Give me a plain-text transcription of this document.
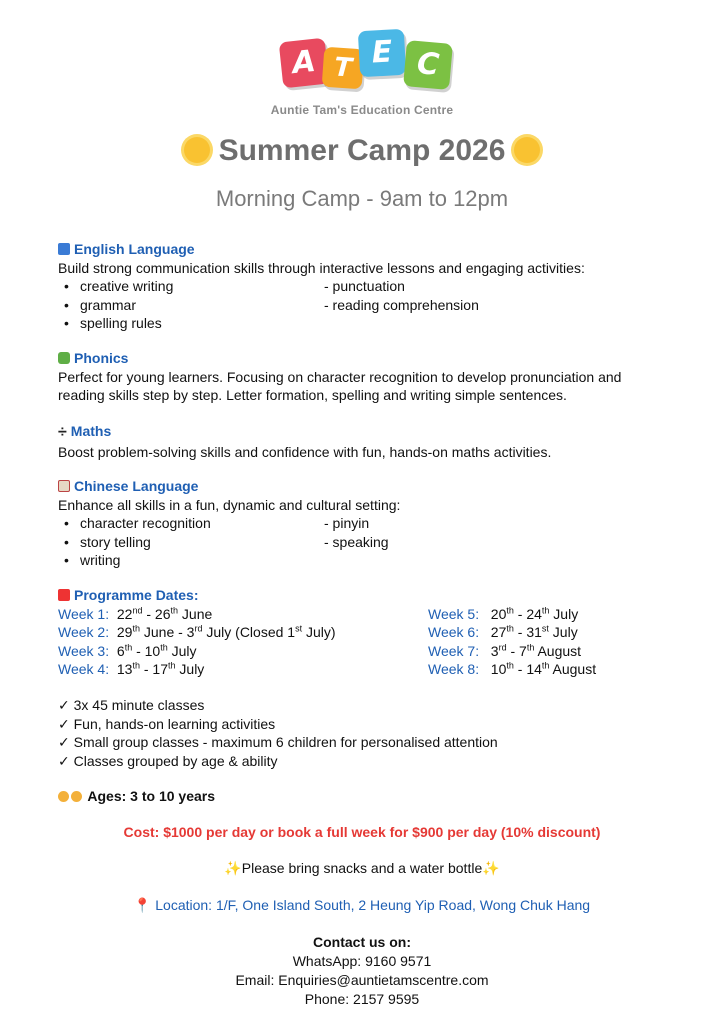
A T E C
Auntie Tam's Education Centre
Summer Camp 2026
Morning Camp - 9am to 12pm
English Language
Build strong communication skills through interactive lessons and engaging activities:
• creative writing	- punctuation
• grammar	- reading comprehension
• spelling rules
Phonics
Perfect for young learners. Focusing on character recognition to develop pronunciation and
reading skills step by step. Letter formation, spelling and writing simple sentences.
÷ Maths
Boost problem-solving skills and confidence with fun, hands-on maths activities.
Chinese Language
Enhance all skills in a fun, dynamic and cultural setting:
• character recognition	- pinyin
• story telling	- speaking
• writing
Programme Dates:
Week 1: 22nd - 26th June	Week 5: 20th - 24th July
Week 2: 29th June - 3rd July (Closed 1st July)	Week 6: 27th - 31st July
Week 3: 6th - 10th July	Week 7: 3rd - 7th August
Week 4: 13th - 17th July	Week 8: 10th - 14th August
✓ 3x 45 minute classes
✓ Fun, hands-on learning activities
✓ Small group classes - maximum 6 children for personalised attention
✓ Classes grouped by age & ability
Ages: 3 to 10 years
Cost: $1000 per day or book a full week for $900 per day (10% discount)
✨Please bring snacks and a water bottle✨
📍 Location: 1/F, One Island South, 2 Heung Yip Road, Wong Chuk Hang
Contact us on:
WhatsApp: 9160 9571
Email: Enquiries@auntietamscentre.com
Phone: 2157 9595
